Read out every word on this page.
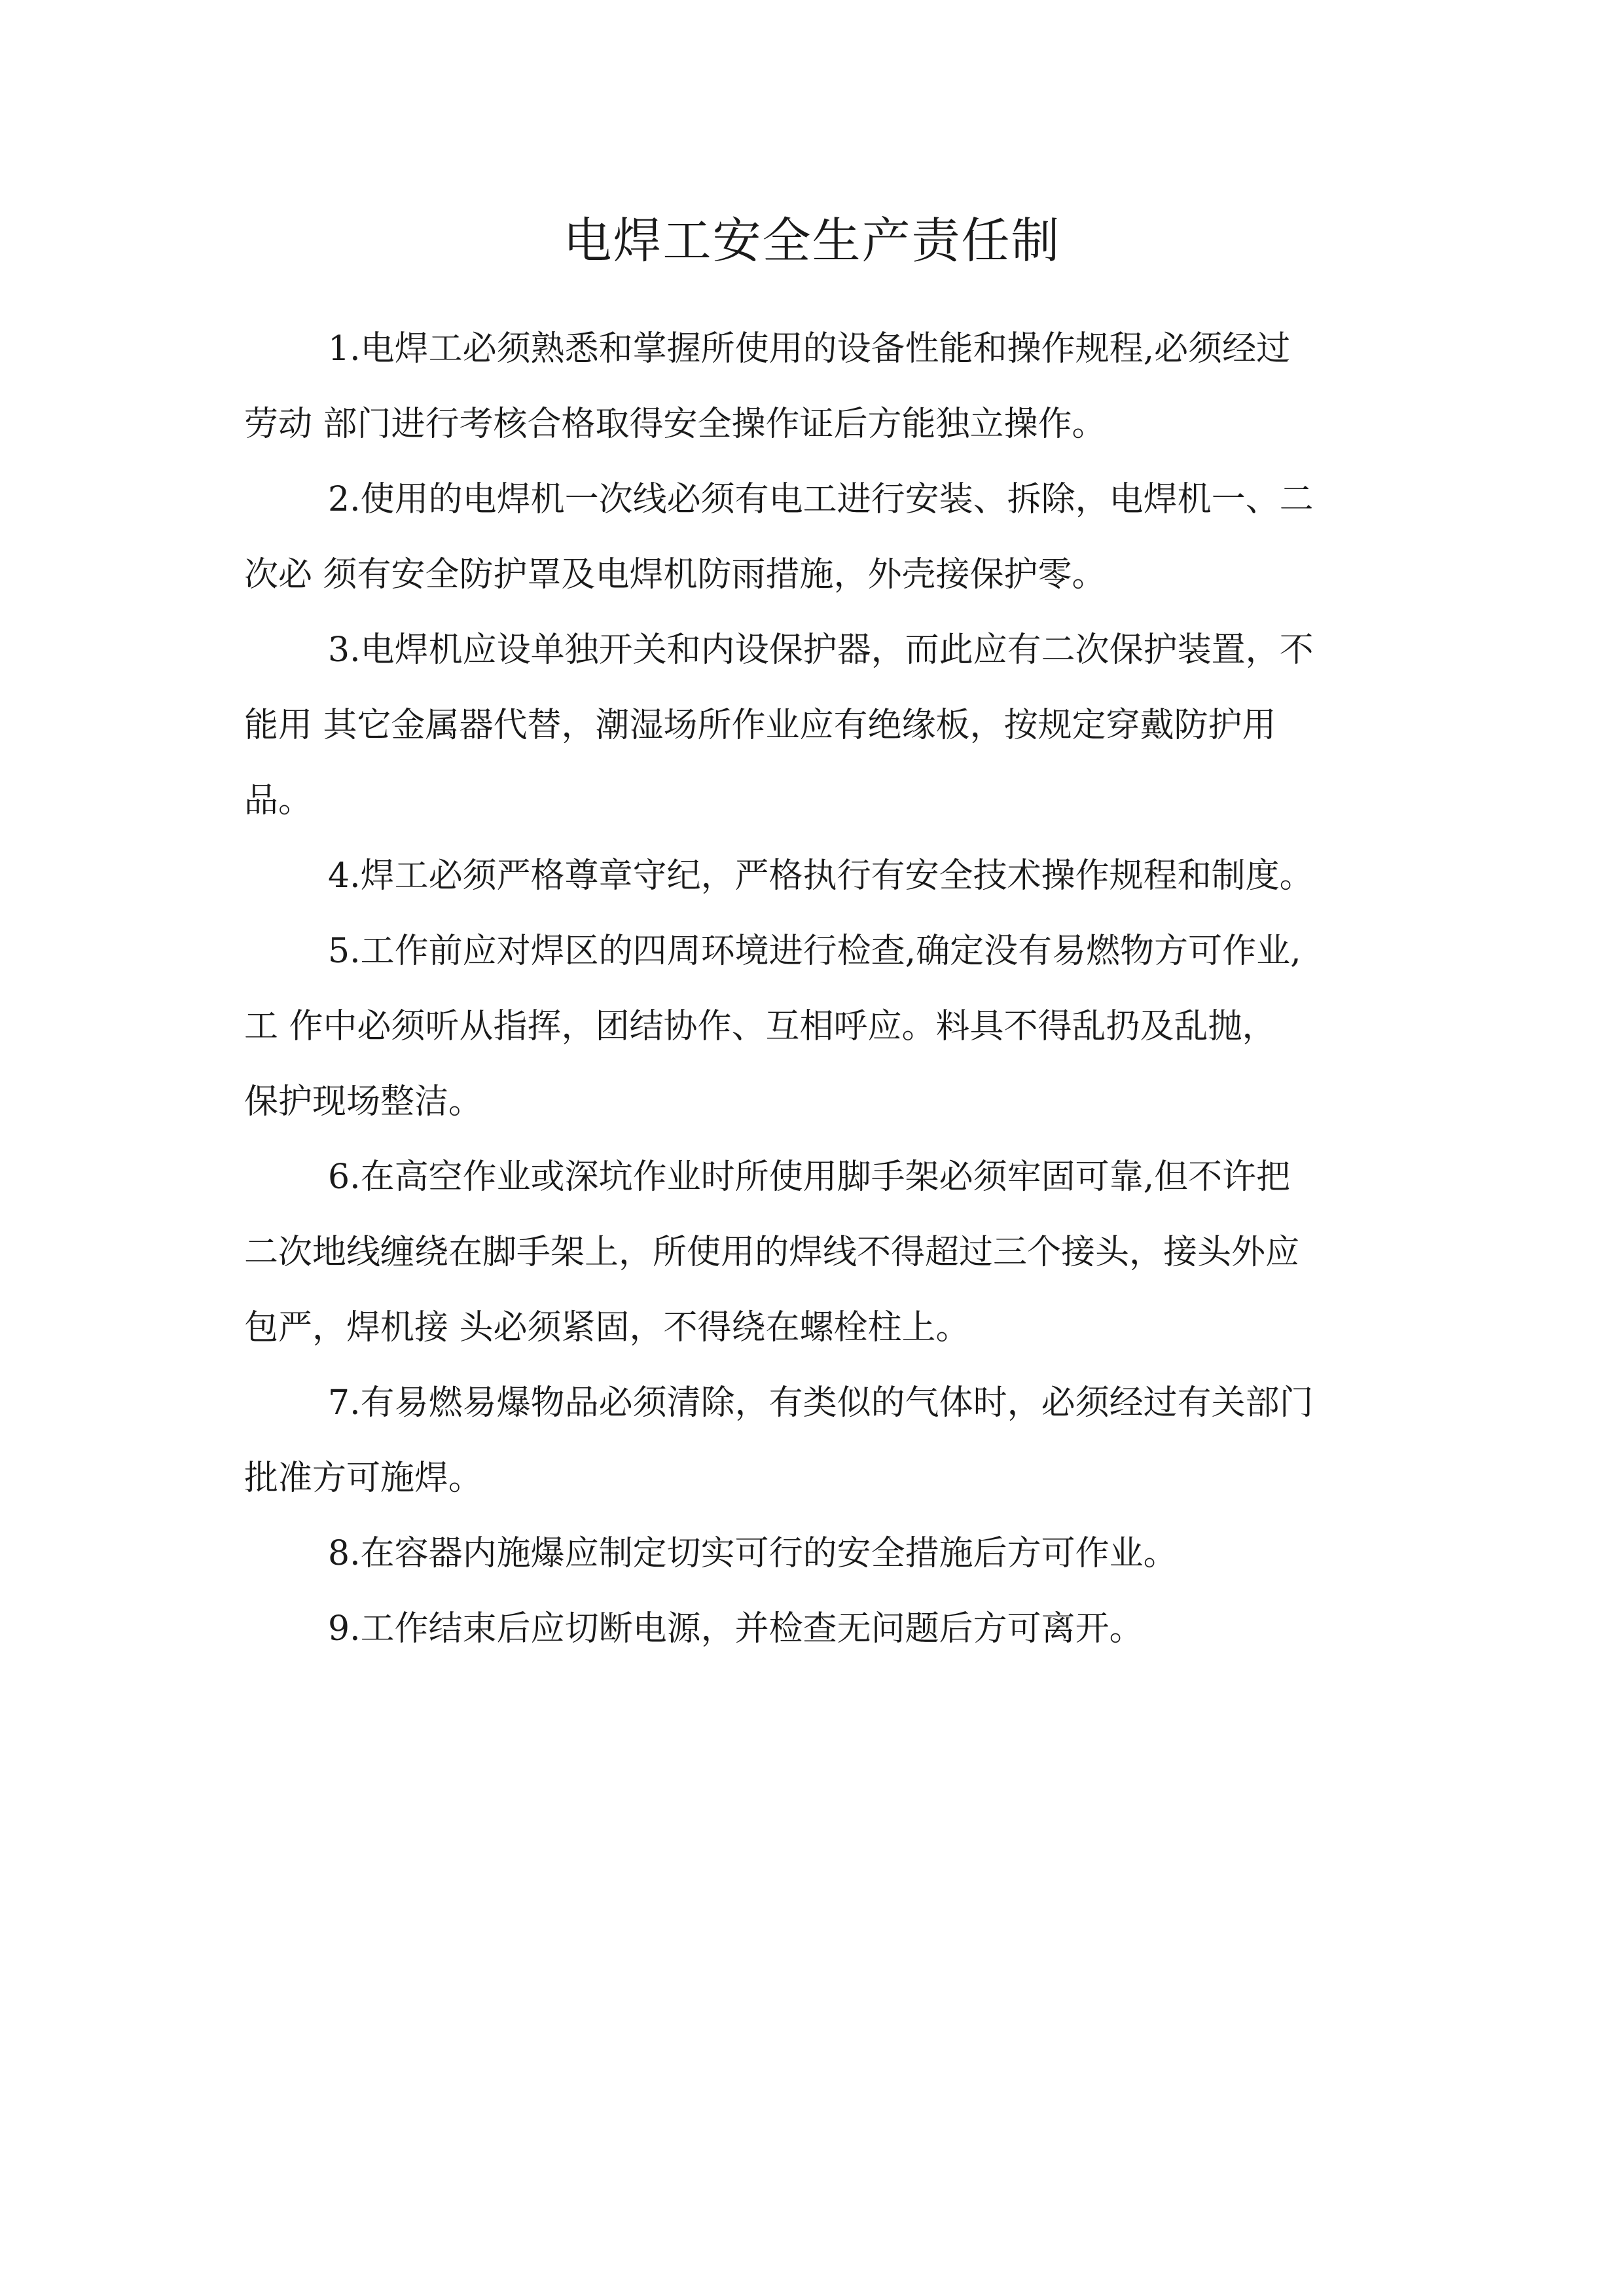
电焊工安全生产责任制
1.电焊工必须熟悉和掌握所使用的设备性能和操作规程,必须经过
劳动 部门进行考核合格取得安全操作证后方能独立操作。
2.使用的电焊机一次线必须有电工进行安装、拆除，电焊机一、二
次必 须有安全防护罩及电焊机防雨措施，外壳接保护零。
3.电焊机应设单独开关和内设保护器，而此应有二次保护装置，不
能用 其它金属器代替，潮湿场所作业应有绝缘板，按规定穿戴防护用
品。
4.焊工必须严格尊章守纪，严格执行有安全技术操作规程和制度。
5.工作前应对焊区的四周环境进行检查,确定没有易燃物方可作业,
工 作中必须听从指挥，团结协作、互相呼应。料具不得乱扔及乱抛，
保护现场整洁。
6.在高空作业或深坑作业时所使用脚手架必须牢固可靠,但不许把
二次地线缠绕在脚手架上，所使用的焊线不得超过三个接头，接头外应
包严，焊机接 头必须紧固，不得绕在螺栓柱上。
7.有易燃易爆物品必须清除，有类似的气体时，必须经过有关部门
批准方可施焊。
8.在容器内施爆应制定切实可行的安全措施后方可作业。
9.工作结束后应切断电源，并检查无问题后方可离开。
